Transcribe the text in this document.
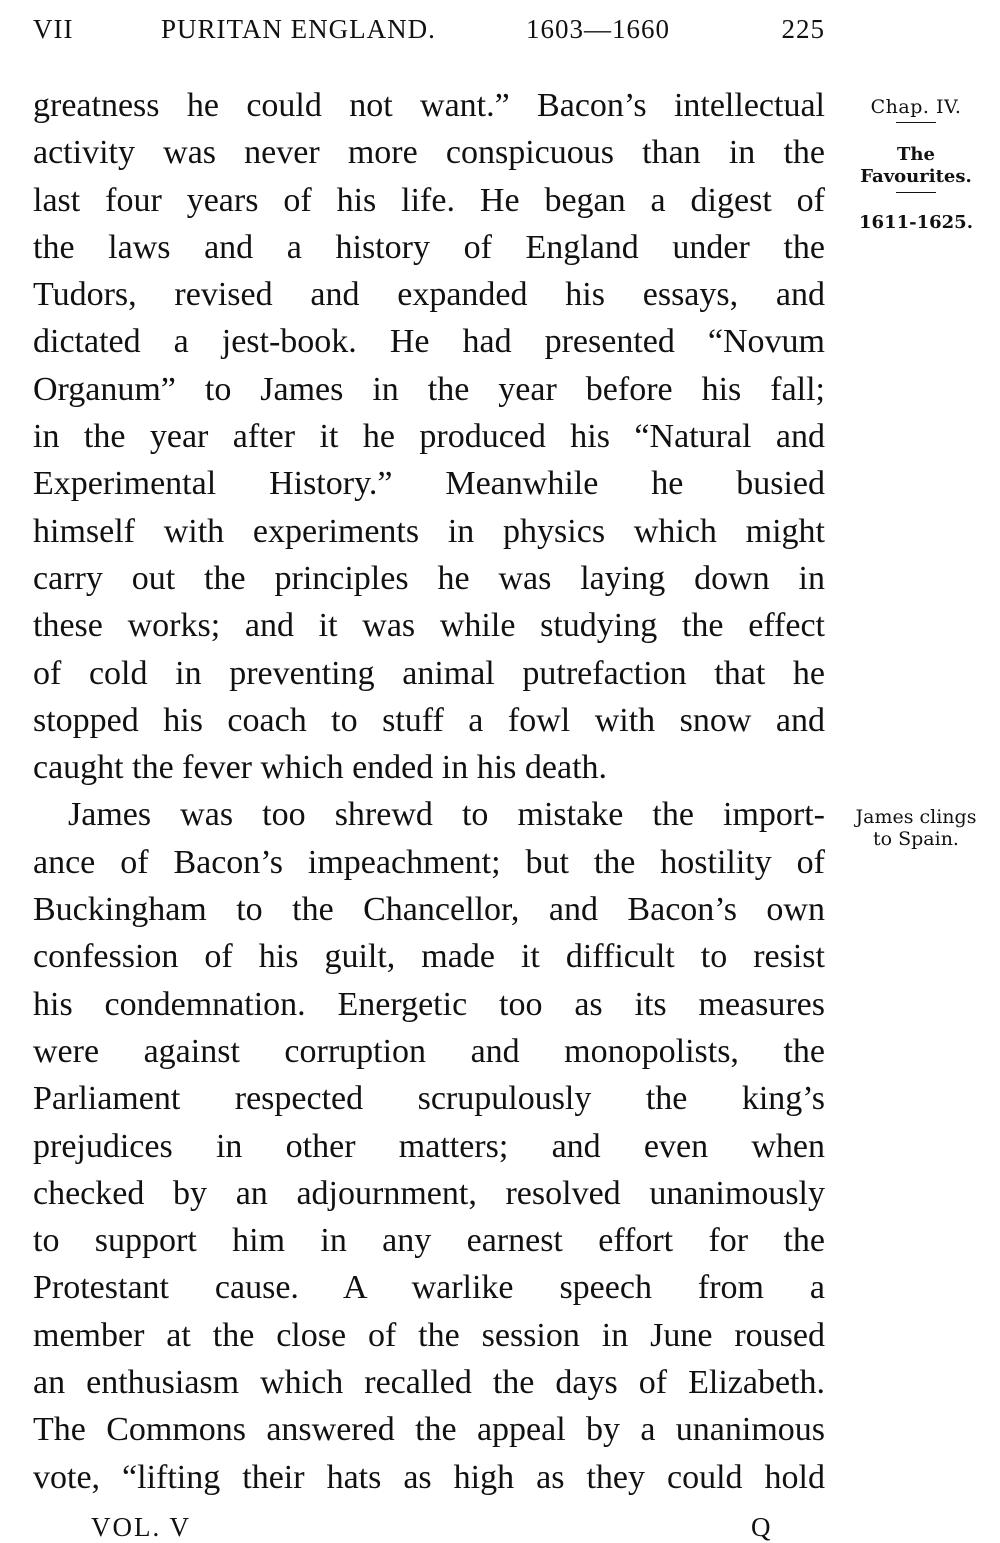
VII	PURITAN ENGLAND.	1603—1660	225
greatness he could not want.” Bacon’s intellectual
activity was never more conspicuous than in the
last four years of his life. He began a digest of
the laws and a history of England under the
Tudors, revised and expanded his essays, and
dictated a jest-book. He had presented “Novum
Organum” to James in the year before his fall;
in the year after it he produced his “Natural and
Experimental History.” Meanwhile he busied
himself with experiments in physics which might
carry out the principles he was laying down in
these works; and it was while studying the effect
of cold in preventing animal putrefaction that he
stopped his coach to stuff a fowl with snow and
caught the fever which ended in his death.
James was too shrewd to mistake the import-
ance of Bacon’s impeachment; but the hostility of
Buckingham to the Chancellor, and Bacon’s own
confession of his guilt, made it difficult to resist
his condemnation. Energetic too as its measures
were against corruption and monopolists, the
Parliament respected scrupulously the king’s
prejudices in other matters; and even when
checked by an adjournment, resolved unanimously
to support him in any earnest effort for the
Protestant cause. A warlike speech from a
member at the close of the session in June roused
an enthusiasm which recalled the days of Elizabeth.
The Commons answered the appeal by a unanimous
vote, “lifting their hats as high as they could hold
Chap. IV.
The
Favourites.
1611-1625.
James clings
to Spain.
VOL. V	Q
